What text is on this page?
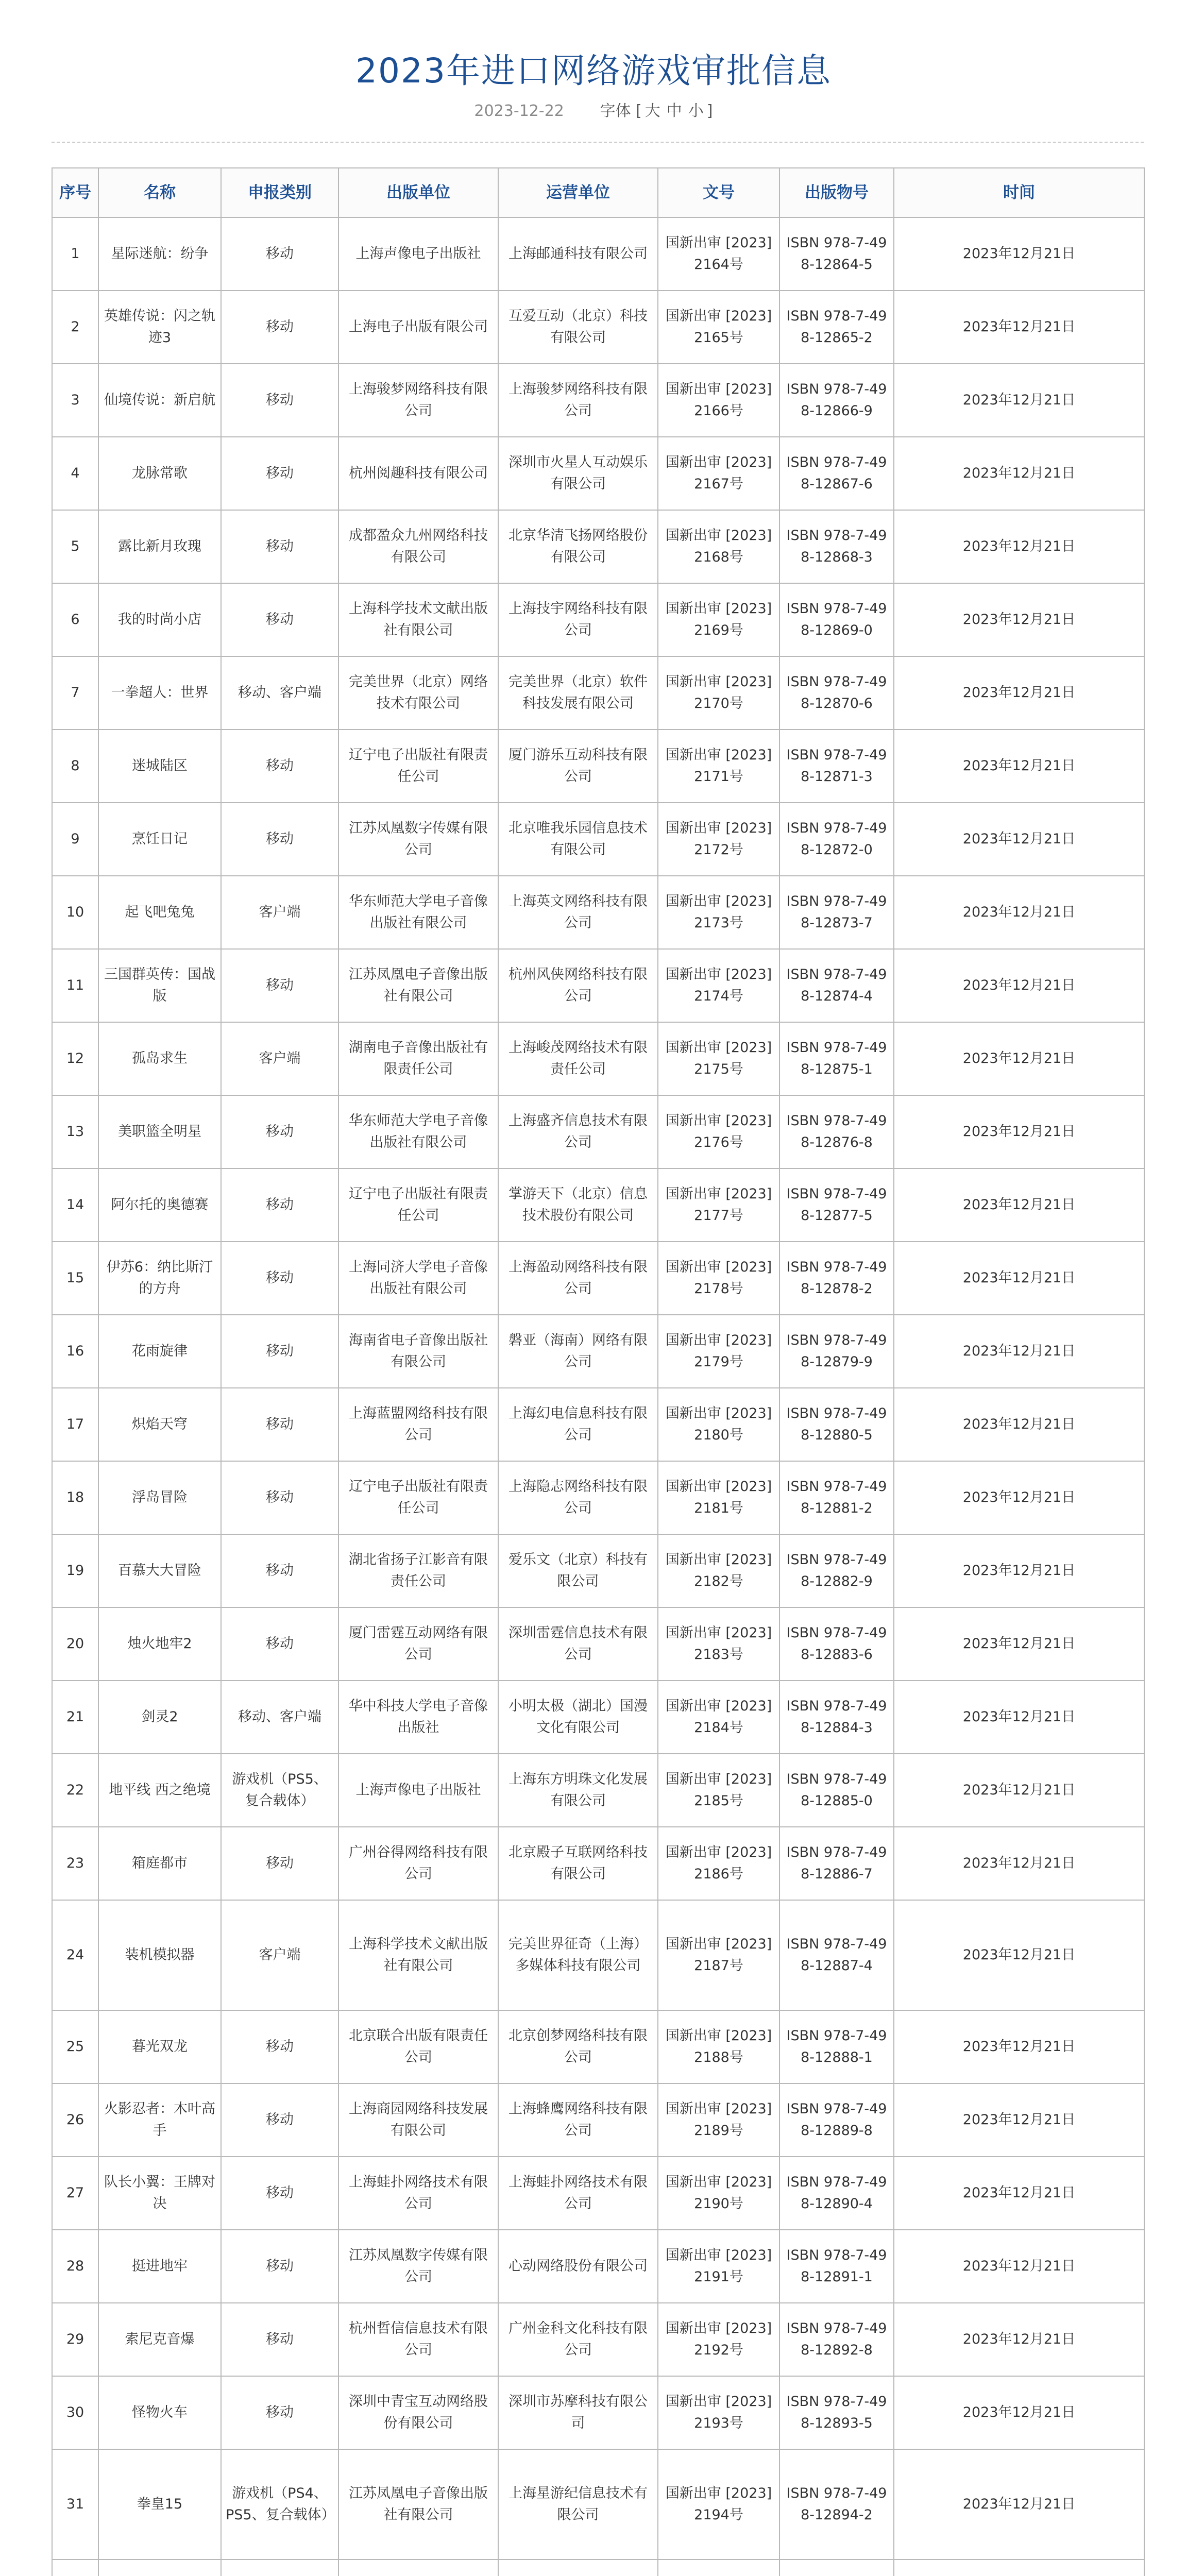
2023年进口网络游戏审批信息
2023-12-22 字体 [ 大 中 小 ]
序号	名称	申报类别	出版单位	运营单位	文号	出版物号	时间
1	星际迷航：纷争	移动	上海声像电子出版社	上海邮通科技有限公司	国新出审 [2023] 2164号	ISBN 978-7-498-12864-5	2023年12月21日
2	英雄传说：闪之轨迹3	移动	上海电子出版有限公司	互爱互动（北京）科技有限公司	国新出审 [2023] 2165号	ISBN 978-7-498-12865-2	2023年12月21日
3	仙境传说：新启航	移动	上海骏梦网络科技有限公司	上海骏梦网络科技有限公司	国新出审 [2023] 2166号	ISBN 978-7-498-12866-9	2023年12月21日
4	龙脉常歌	移动	杭州阅趣科技有限公司	深圳市火星人互动娱乐有限公司	国新出审 [2023] 2167号	ISBN 978-7-498-12867-6	2023年12月21日
5	露比新月玫瑰	移动	成都盈众九州网络科技有限公司	北京华清飞扬网络股份有限公司	国新出审 [2023] 2168号	ISBN 978-7-498-12868-3	2023年12月21日
6	我的时尚小店	移动	上海科学技术文献出版社有限公司	上海技宇网络科技有限公司	国新出审 [2023] 2169号	ISBN 978-7-498-12869-0	2023年12月21日
7	一拳超人：世界	移动、客户端	完美世界（北京）网络技术有限公司	完美世界（北京）软件科技发展有限公司	国新出审 [2023] 2170号	ISBN 978-7-498-12870-6	2023年12月21日
8	迷城陆区	移动	辽宁电子出版社有限责任公司	厦门游乐互动科技有限公司	国新出审 [2023] 2171号	ISBN 978-7-498-12871-3	2023年12月21日
9	烹饪日记	移动	江苏凤凰数字传媒有限公司	北京唯我乐园信息技术有限公司	国新出审 [2023] 2172号	ISBN 978-7-498-12872-0	2023年12月21日
10	起飞吧兔兔	客户端	华东师范大学电子音像出版社有限公司	上海英文网络科技有限公司	国新出审 [2023] 2173号	ISBN 978-7-498-12873-7	2023年12月21日
11	三国群英传：国战版	移动	江苏凤凰电子音像出版社有限公司	杭州风侠网络科技有限公司	国新出审 [2023] 2174号	ISBN 978-7-498-12874-4	2023年12月21日
12	孤岛求生	客户端	湖南电子音像出版社有限责任公司	上海峻茂网络技术有限责任公司	国新出审 [2023] 2175号	ISBN 978-7-498-12875-1	2023年12月21日
13	美职篮全明星	移动	华东师范大学电子音像出版社有限公司	上海盛齐信息技术有限公司	国新出审 [2023] 2176号	ISBN 978-7-498-12876-8	2023年12月21日
14	阿尔托的奥德赛	移动	辽宁电子出版社有限责任公司	掌游天下（北京）信息技术股份有限公司	国新出审 [2023] 2177号	ISBN 978-7-498-12877-5	2023年12月21日
15	伊苏6：纳比斯汀的方舟	移动	上海同济大学电子音像出版社有限公司	上海盈动网络科技有限公司	国新出审 [2023] 2178号	ISBN 978-7-498-12878-2	2023年12月21日
16	花雨旋律	移动	海南省电子音像出版社有限公司	磐亚（海南）网络有限公司	国新出审 [2023] 2179号	ISBN 978-7-498-12879-9	2023年12月21日
17	炽焰天穹	移动	上海蓝盟网络科技有限公司	上海幻电信息科技有限公司	国新出审 [2023] 2180号	ISBN 978-7-498-12880-5	2023年12月21日
18	浮岛冒险	移动	辽宁电子出版社有限责任公司	上海隐志网络科技有限公司	国新出审 [2023] 2181号	ISBN 978-7-498-12881-2	2023年12月21日
19	百慕大大冒险	移动	湖北省扬子江影音有限责任公司	爱乐文（北京）科技有限公司	国新出审 [2023] 2182号	ISBN 978-7-498-12882-9	2023年12月21日
20	烛火地牢2	移动	厦门雷霆互动网络有限公司	深圳雷霆信息技术有限公司	国新出审 [2023] 2183号	ISBN 978-7-498-12883-6	2023年12月21日
21	剑灵2	移动、客户端	华中科技大学电子音像出版社	小明太极（湖北）国漫文化有限公司	国新出审 [2023] 2184号	ISBN 978-7-498-12884-3	2023年12月21日
22	地平线 西之绝境	游戏机（PS5、复合载体）	上海声像电子出版社	上海东方明珠文化发展有限公司	国新出审 [2023] 2185号	ISBN 978-7-498-12885-0	2023年12月21日
23	箱庭都市	移动	广州谷得网络科技有限公司	北京殿子互联网络科技有限公司	国新出审 [2023] 2186号	ISBN 978-7-498-12886-7	2023年12月21日
24	装机模拟器	客户端	上海科学技术文献出版社有限公司	完美世界征奇（上海）多媒体科技有限公司	国新出审 [2023] 2187号	ISBN 978-7-498-12887-4	2023年12月21日
25	暮光双龙	移动	北京联合出版有限责任公司	北京创梦网络科技有限公司	国新出审 [2023] 2188号	ISBN 978-7-498-12888-1	2023年12月21日
26	火影忍者：木叶高手	移动	上海商园网络科技发展有限公司	上海蜂鹰网络科技有限公司	国新出审 [2023] 2189号	ISBN 978-7-498-12889-8	2023年12月21日
27	队长小翼：王牌对决	移动	上海蛙扑网络技术有限公司	上海蛙扑网络技术有限公司	国新出审 [2023] 2190号	ISBN 978-7-498-12890-4	2023年12月21日
28	挺进地牢	移动	江苏凤凰数字传媒有限公司	心动网络股份有限公司	国新出审 [2023] 2191号	ISBN 978-7-498-12891-1	2023年12月21日
29	索尼克音爆	移动	杭州哲信信息技术有限公司	广州金科文化科技有限公司	国新出审 [2023] 2192号	ISBN 978-7-498-12892-8	2023年12月21日
30	怪物火车	移动	深圳中青宝互动网络股份有限公司	深圳市苏摩科技有限公司	国新出审 [2023] 2193号	ISBN 978-7-498-12893-5	2023年12月21日
31	拳皇15	游戏机（PS4、PS5、复合载体）	江苏凤凰电子音像出版社有限公司	上海星游纪信息技术有限公司	国新出审 [2023] 2194号	ISBN 978-7-498-12894-2	2023年12月21日
